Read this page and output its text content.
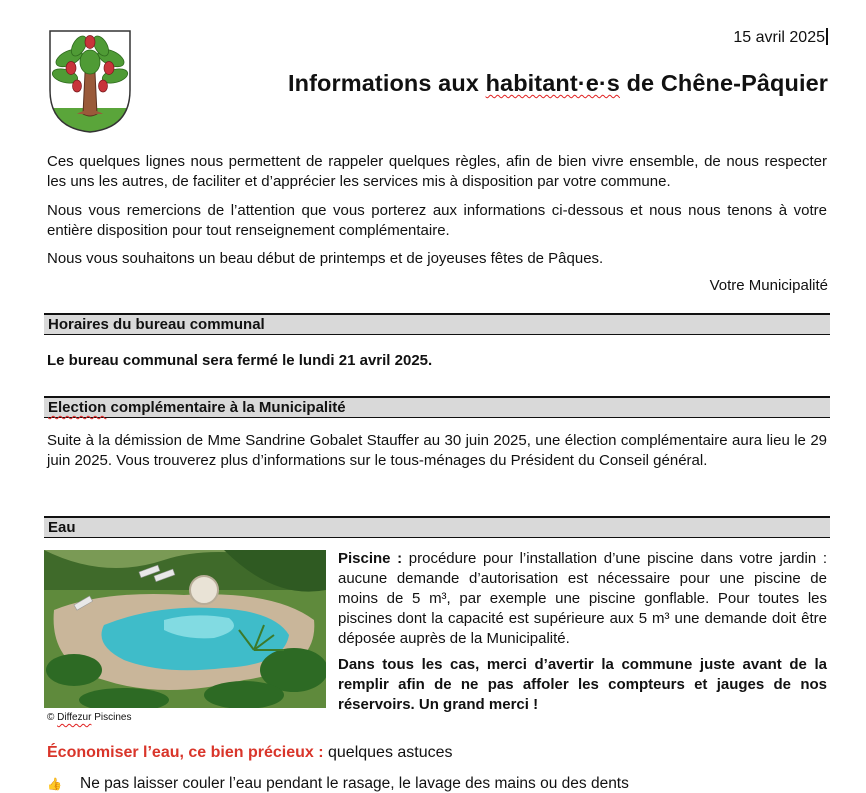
15 avril 2025
Informations aux habitant·e·s de Chêne-Pâquier
Ces quelques lignes nous permettent de rappeler quelques règles, afin de bien vivre ensemble, de nous respecter les uns les autres, de faciliter et d’apprécier les services mis à disposition par votre commune.
Nous vous remercions de l’attention que vous porterez aux informations ci-dessous et nous nous tenons à votre entière disposition pour tout renseignement complémentaire.
Nous vous souhaitons un beau début de printemps et de joyeuses fêtes de Pâques.
Votre Municipalité
Horaires du bureau communal
Le bureau communal sera fermé le lundi 21 avril 2025.
Election complémentaire à la Municipalité
Suite à la démission de Mme Sandrine Gobalet Stauffer au 30 juin 2025, une élection complémentaire aura lieu le 29 juin 2025. Vous trouverez plus d’informations sur le tous-ménages du Président du Conseil général.
Eau
© Diffezur Piscines
Piscine : procédure pour l’installation d’une piscine dans votre jardin : aucune demande d’autorisation est nécessaire pour une piscine de moins de 5 m³, par exemple une piscine gonflable. Pour toutes les piscines dont la capacité est supérieure aux 5 m³ une demande doit être déposée auprès de la Municipalité.
Dans tous les cas, merci d’avertir la commune juste avant de la remplir afin de ne pas affoler les compteurs et jauges de nos réservoirs. Un grand merci !
Économiser l’eau, ce bien précieux : quelques astuces
👍 Ne pas laisser couler l’eau pendant le rasage, le lavage des mains ou des dents
